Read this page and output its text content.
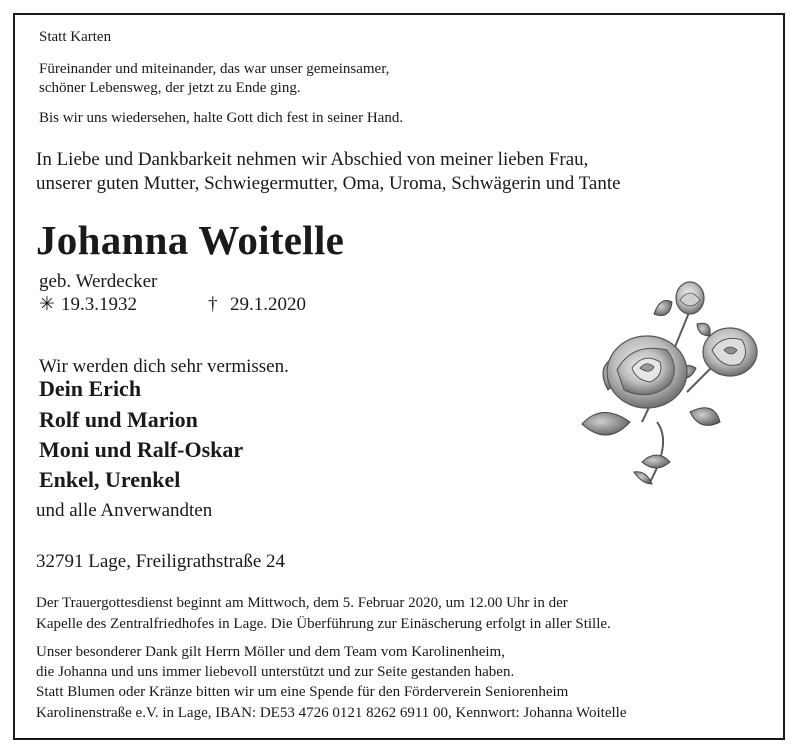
Statt Karten

Füreinander und miteinander, das war unser gemeinsamer,

schöner Lebensweg, der jetzt zu Ende ging.

Bis wir uns wiedersehen, halte Gott dich fest in seiner Hand.

In Liebe und Dankbarkeit nehmen wir Abschied von meiner lieben Frau,

unserer guten Mutter, Schwiegermutter, Oma, Uroma, Schwägerin und Tante

Johanna Woitelle

geb. Werdecker

✳ 19.3.1932	† 29.1.2020

Wir werden dich sehr vermissen.

Dein Erich

Rolf und Marion

Moni und Ralf-Oskar

Enkel, Urenkel

und alle Anverwandten

32791 Lage, Freiligrathstraße 24

Der Trauergottesdienst beginnt am Mittwoch, dem 5. Februar 2020, um 12.00 Uhr in der

Kapelle des Zentralfriedhofes in Lage. Die Überführung zur Einäscherung erfolgt in aller Stille.

Unser besonderer Dank gilt Herrn Möller und dem Team vom Karolinenheim,

die Johanna und uns immer liebevoll unterstützt und zur Seite gestanden haben.

Statt Blumen oder Kränze bitten wir um eine Spende für den Förderverein Seniorenheim

Karolinenstraße e.V. in Lage, IBAN: DE53 4726 0121 8262 6911 00, Kennwort: Johanna Woitelle
